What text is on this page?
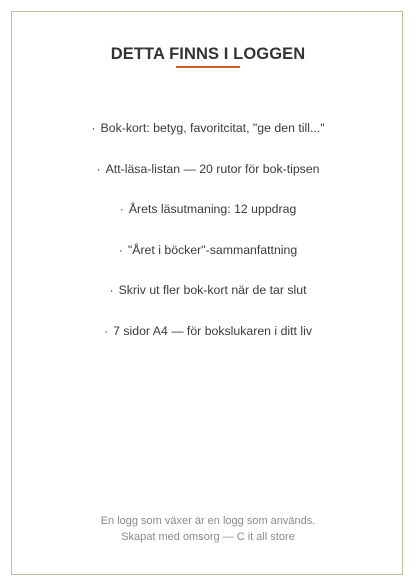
DETTA FINNS I LOGGEN
· Bok-kort: betyg, favoritcitat, "ge den till..."
· Att-läsa-listan — 20 rutor för bok-tipsen
· Årets läsutmaning: 12 uppdrag
· "Året i böcker"-sammanfattning
· Skriv ut fler bok-kort när de tar slut
· 7 sidor A4 — för bokslukaren i ditt liv
En logg som växer är en logg som används.
Skapat med omsorg — C it all store
